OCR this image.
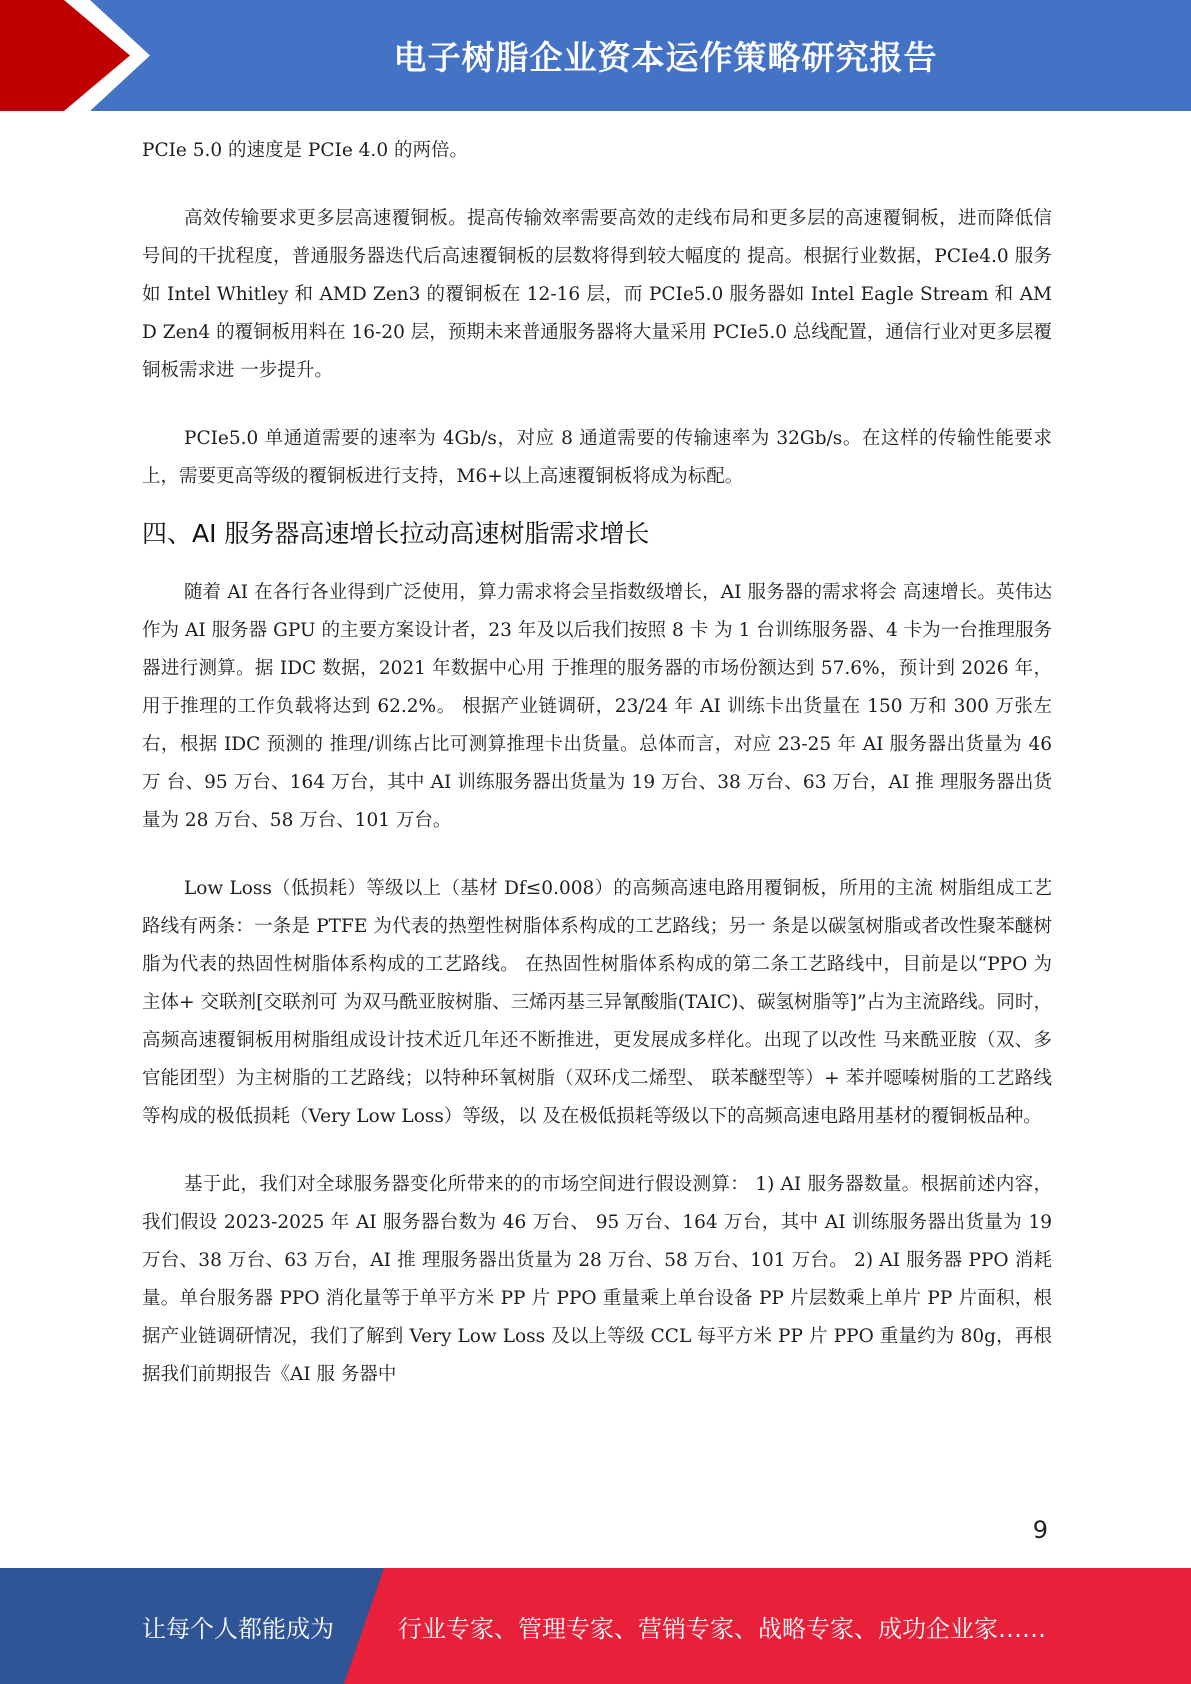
电子树脂企业资本运作策略研究报告

PCIe 5.0 的速度是 PCIe 4.0 的两倍。

高效传输要求更多层高速覆铜板。提高传输效率需要高效的走线布局和更多层的高速覆铜板，进而降低信号间的干扰程度，普通服务器迭代后高速覆铜板的层数将得到较大幅度的 提高。根据行业数据，PCIe4.0 服务如 Intel Whitley 和 AMD Zen3 的覆铜板在 12-16 层，而 PCIe5.0 服务器如 Intel Eagle Stream 和 AMD Zen4 的覆铜板用料在 16-20 层，预期未来普通服务器将大量采用 PCIe5.0 总线配置，通信行业对更多层覆铜板需求进 一步提升。

PCIe5.0 单通道需要的速率为 4Gb/s，对应 8 通道需要的传输速率为 32Gb/s。在这样的传输性能要求上，需要更高等级的覆铜板进行支持，M6+以上高速覆铜板将成为标配。

四、AI 服务器高速增长拉动高速树脂需求增长

随着 AI 在各行各业得到广泛使用，算力需求将会呈指数级增长，AI 服务器的需求将会 高速增长。英伟达作为 AI 服务器 GPU 的主要方案设计者，23 年及以后我们按照 8 卡 为 1 台训练服务器、4 卡为一台推理服务器进行测算。据 IDC 数据，2021 年数据中心用 于推理的服务器的市场份额达到 57.6%，预计到 2026 年，用于推理的工作负载将达到 62.2%。 根据产业链调研，23/24 年 AI 训练卡出货量在 150 万和 300 万张左右，根据 IDC 预测的 推理/训练占比可测算推理卡出货量。总体而言，对应 23-25 年 AI 服务器出货量为 46 万 台、95 万台、164 万台，其中 AI 训练服务器出货量为 19 万台、38 万台、63 万台，AI 推 理服务器出货量为 28 万台、58 万台、101 万台。

Low Loss（低损耗）等级以上（基材 Df≤0.008）的高频高速电路用覆铜板，所用的主流 树脂组成工艺路线有两条：一条是 PTFE 为代表的热塑性树脂体系构成的工艺路线；另一 条是以碳氢树脂或者改性聚苯醚树脂为代表的热固性树脂体系构成的工艺路线。 在热固性树脂体系构成的第二条工艺路线中，目前是以“PPO 为主体+ 交联剂[交联剂可 为双马酰亚胺树脂、三烯丙基三异氰酸脂(TAIC)、碳氢树脂等]”占为主流路线。同时， 高频高速覆铜板用树脂组成设计技术近几年还不断推进，更发展成多样化。出现了以改性 马来酰亚胺（双、多官能团型）为主树脂的工艺路线；以特种环氧树脂（双环戊二烯型、 联苯醚型等）+ 苯并噁嗪树脂的工艺路线等构成的极低损耗（Very Low Loss）等级，以 及在极低损耗等级以下的高频高速电路用基材的覆铜板品种。

基于此，我们对全球服务器变化所带来的的市场空间进行假设测算： 1) AI 服务器数量。根据前述内容，我们假设 2023-2025 年 AI 服务器台数为 46 万台、 95 万台、164 万台，其中 AI 训练服务器出货量为 19 万台、38 万台、63 万台，AI 推 理服务器出货量为 28 万台、58 万台、101 万台。 2) AI 服务器 PPO 消耗量。单台服务器 PPO 消化量等于单平方米 PP 片 PPO 重量乘上单台设备 PP 片层数乘上单片 PP 片面积，根据产业链调研情况，我们了解到 Very Low Loss 及以上等级 CCL 每平方米 PP 片 PPO 重量约为 80g，再根据我们前期报告《AI 服 务器中

9
让每个人都能成为	行业专家、管理专家、营销专家、战略专家、成功企业家……
